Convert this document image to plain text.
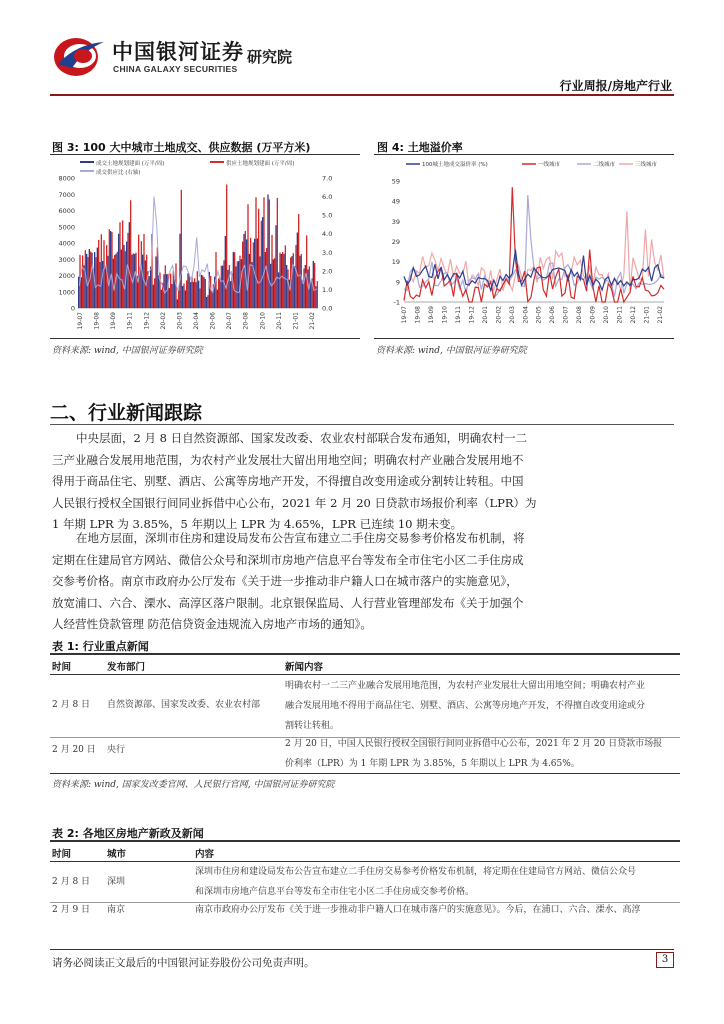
中国银河证券
CHINA GALAXY SECURITIES
研究院
行业周报/房地产行业
图 3: 100 大中城市土地成交、供应数据 (万平方米)
成交土地规划建面 (万平/周)	供应土地规划建面 (万平/周)
成交供应比 (右轴)
0
1000
2000
3000
4000
5000
6000
7000
8000
0.0
1.0
2.0
3.0
4.0
5.0
6.0
7.0
19-07 19-08 19-09 19-11 19-12 20-02 20-03 20-04 20-06 20-07 20-08 20-10 20-11 21-01 21-02
资料来源: wind, 中国银河证券研究院
图 4: 土地溢价率
100城土地成交溢价率 (%)	一线城市	二线城市	三线城市
-1
9
19
29
39
49
59
19-07 19-08 19-09 19-10 19-11 19-12 20-01 20-02 20-03 20-04 20-05 20-06 20-07 20-08 20-09 20-10 20-11 20-12 21-01 21-02
资料来源: wind, 中国银河证券研究院
二、行业新闻跟踪
中央层面，2 月 8 日自然资源部、国家发改委、农业农村部联合发布通知，明确农村一二
三产业融合发展用地范围，为农村产业发展壮大留出用地空间；明确农村产业融合发展用地不
得用于商品住宅、别墅、酒店、公寓等房地产开发，不得擅自改变用途或分割转让转租。中国
人民银行授权全国银行间同业拆借中心公布，2021 年 2 月 20 日贷款市场报价利率（LPR）为
1 年期 LPR 为 3.85%，5 年期以上 LPR 为 4.65%，LPR 已连续 10 期未变。
在地方层面，深圳市住房和建设局发布公告宣布建立二手住房交易参考价格发布机制，将
定期在住建局官方网站、微信公众号和深圳市房地产信息平台等发布全市住宅小区二手住房成
交参考价格。南京市政府办公厅发布《关于进一步推动非户籍人口在城市落户的实施意见》，
放宽浦口、六合、溧水、高淳区落户限制。北京银保监局、人行营业管理部发布《关于加强个
人经营性贷款管理 防范信贷资金违规流入房地产市场的通知》。
表 1: 行业重点新闻
时间	发布部门	新闻内容
2 月 8 日 自然资源部、国家发改委、农业农村部
明确农村一二三产业融合发展用地范围，为农村产业发展壮大留出用地空间；明确农村产业
融合发展用地不得用于商品住宅、别墅、酒店、公寓等房地产开发，不得擅自改变用途或分
割转让转租。
2 月 20 日 央行
2 月 20 日，中国人民银行授权全国银行间同业拆借中心公布，2021 年 2 月 20 日贷款市场报
价利率（LPR）为 1 年期 LPR 为 3.85%，5 年期以上 LPR 为 4.65%。
资料来源: wind, 国家发改委官网、人民银行官网, 中国银河证券研究院
表 2: 各地区房地产新政及新闻
时间	城市	内容
2 月 8 日 深圳
深圳市住房和建设局发布公告宣布建立二手住房交易参考价格发布机制，将定期在住建局官方网站、微信公众号
和深圳市房地产信息平台等发布全市住宅小区二手住房成交参考价格。
2 月 9 日 南京	南京市政府办公厅发布《关于进一步推动非户籍人口在城市落户的实施意见》。今后，在浦口、六合、溧水、高淳
请务必阅读正文最后的中国银河证券股份公司免责声明。	3
